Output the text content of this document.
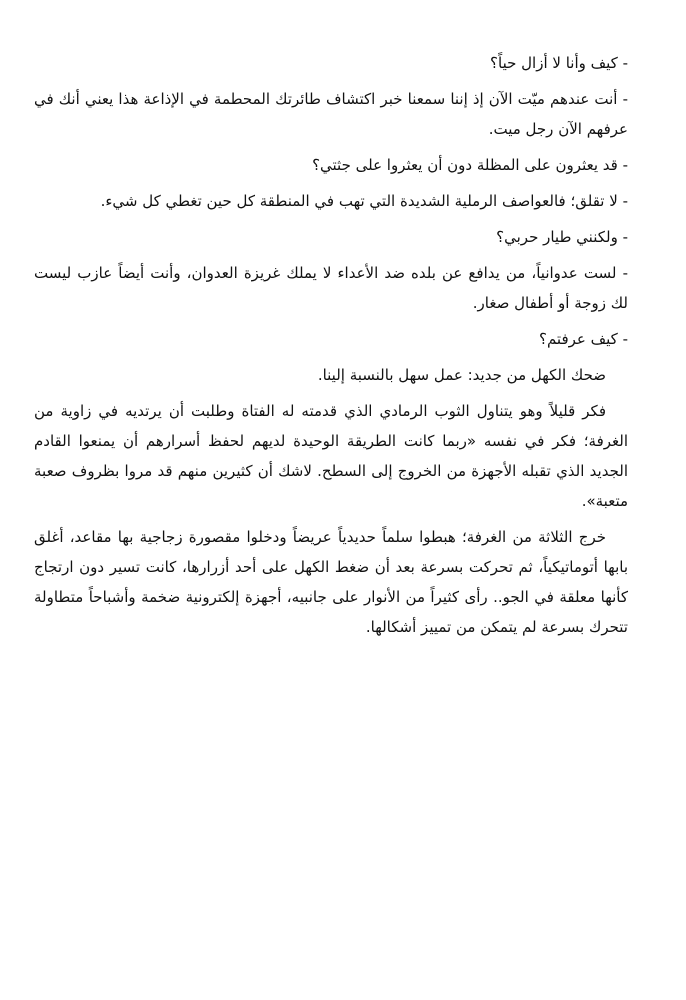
- كيف وأنا لا أزال حياً؟

- أنت عندهم ميّت الآن إذ إننا سمعنا خبر اكتشاف طائرتك المحطمة في الإذاعة هذا يعني أنك في عرفهم الآن رجل ميت.

- قد يعثرون على المظلة دون أن يعثروا على جثتي؟

- لا تقلق؛ فالعواصف الرملية الشديدة التي تهب في المنطقة كل حين تغطي كل شيء.

- ولكنني طيار حربي؟

- لست عدوانياً، من يدافع عن بلده ضد الأعداء لا يملك غريزة العدوان، وأنت أيضاً عازب ليست لك زوجة أو أطفال صغار.

- كيف عرفتم؟

ضحك الكهل من جديد: عمل سهل بالنسبة إلينا.

فكر قليلاً وهو يتناول الثوب الرمادي الذي قدمته له الفتاة وطلبت أن يرتديه في زاوية من الغرفة؛ فكر في نفسه «ربما كانت الطريقة الوحيدة لديهم لحفظ أسرارهم أن يمنعوا القادم الجديد الذي تقبله الأجهزة من الخروج إلى السطح. لاشك أن كثيرين منهم قد مروا بظروف صعبة متعبة».

خرج الثلاثة من الغرفة؛ هبطوا سلماً حديدياً عريضاً ودخلوا مقصورة زجاجية بها مقاعد، أغلق بابها أتوماتيكياً، ثم تحركت بسرعة بعد أن ضغط الكهل على أحد أزرارها، كانت تسير دون ارتجاج كأنها معلقة في الجو.. رأى كثيراً من الأنوار على جانبيه، أجهزة إلكترونية ضخمة وأشباحاً متطاولة تتحرك بسرعة لم يتمكن من تمييز أشكالها.
